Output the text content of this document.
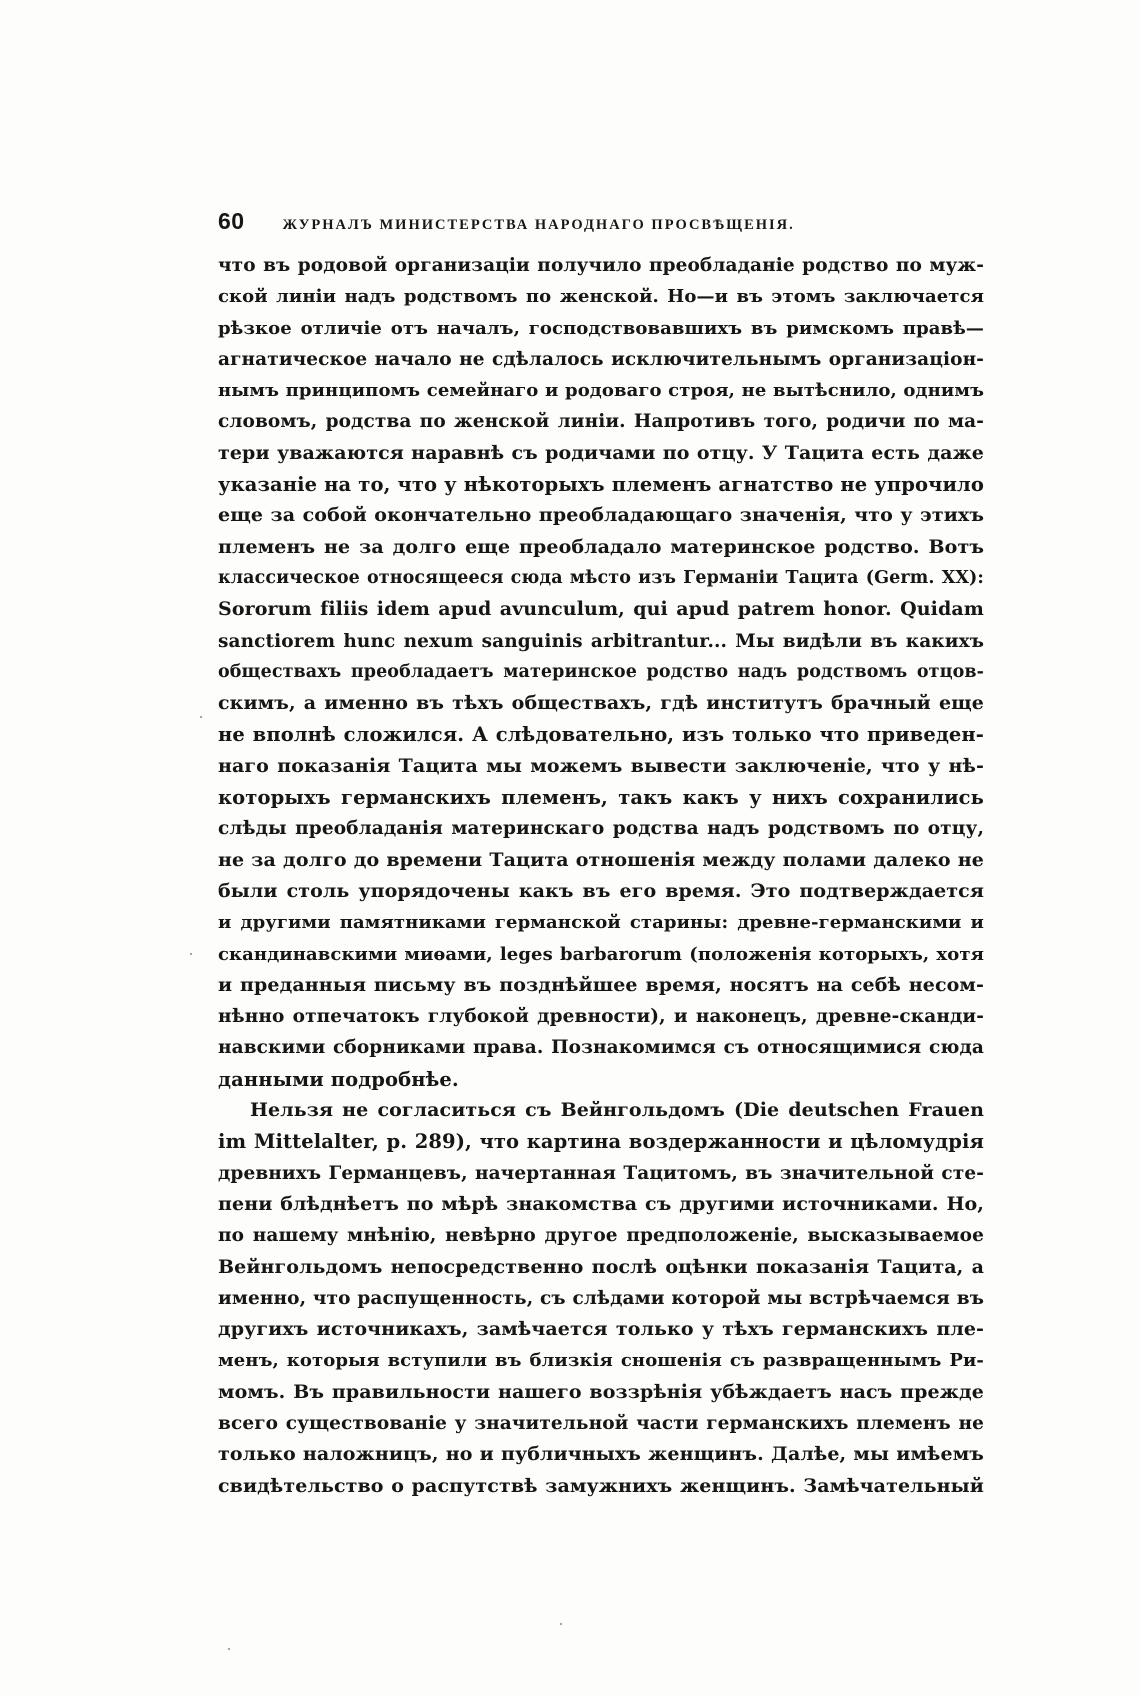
60	ЖУРНАЛЪ МИНИСТЕРСТВА НАРОДНАГО ПРОСВѢЩЕНІЯ.
что въ родовой организаціи получило преобладаніе родство по муж-
ской линіи надъ родствомъ по женской. Но—и въ этомъ заключается
рѣзкое отличіе отъ началъ, господствовавшихъ въ римскомъ правѣ—
агнатическое начало не сдѣлалось исключительнымъ организаціон-
нымъ принципомъ семейнаго и родоваго строя, не вытѣснило, однимъ
словомъ, родства по женской линіи. Напротивъ того, родичи по ма-
тери уважаются наравнѣ съ родичами по отцу. У Тацита есть даже
указаніе на то, что у нѣкоторыхъ племенъ агнатство не упрочило
еще за собой окончательно преобладающаго значенія, что у этихъ
племенъ не за долго еще преобладало материнское родство. Вотъ
классическое относящееся сюда мѣсто изъ Германіи Тацита (Germ. XX):
Sororum filiis idem apud avunculum, qui apud patrem honor. Quidam
sanctiorem hunc nexum sanguinis arbitrantur... Мы видѣли въ какихъ
обществахъ преобладаетъ материнское родство надъ родствомъ отцов-
скимъ, а именно въ тѣхъ обществахъ, гдѣ институтъ брачный еще
не вполнѣ сложился. А слѣдовательно, изъ только что приведен-
наго показанія Тацита мы можемъ вывести заключеніе, что у нѣ-
которыхъ германскихъ племенъ, такъ какъ у нихъ сохранились
слѣды преобладанія материнскаго родства надъ родствомъ по отцу,
не за долго до времени Тацита отношенія между полами далеко не
были столь упорядочены какъ въ его время. Это подтверждается
и другими памятниками германской старины: древне-германскими и
скандинавскими миѳами, leges barbarorum (положенія которыхъ, хотя
и преданныя письму въ позднѣйшее время, носятъ на себѣ несом-
нѣнно отпечатокъ глубокой древности), и наконецъ, древне-сканди-
навскими сборниками права. Познакомимся съ относящимися сюда
данными подробнѣе.
Нельзя не согласиться съ Вейнгольдомъ (Die deutschen Frauen
im Mittelalter, p. 289), что картина воздержанности и цѣломудрія
древнихъ Германцевъ, начертанная Тацитомъ, въ значительной сте-
пени блѣднѣетъ по мѣрѣ знакомства съ другими источниками. Но,
по нашему мнѣнію, невѣрно другое предположеніе, высказываемое
Вейнгольдомъ непосредственно послѣ оцѣнки показанія Тацита, а
именно, что распущенность, съ слѣдами которой мы встрѣчаемся въ
другихъ источникахъ, замѣчается только у тѣхъ германскихъ пле-
менъ, которыя вступили въ близкія сношенія съ развращеннымъ Ри-
момъ. Въ правильности нашего воззрѣнія убѣждаетъ насъ прежде
всего существованіе у значительной части германскихъ племенъ не
только наложницъ, но и публичныхъ женщинъ. Далѣе, мы имѣемъ
свидѣтельство о распутствѣ замужнихъ женщинъ. Замѣчательный
